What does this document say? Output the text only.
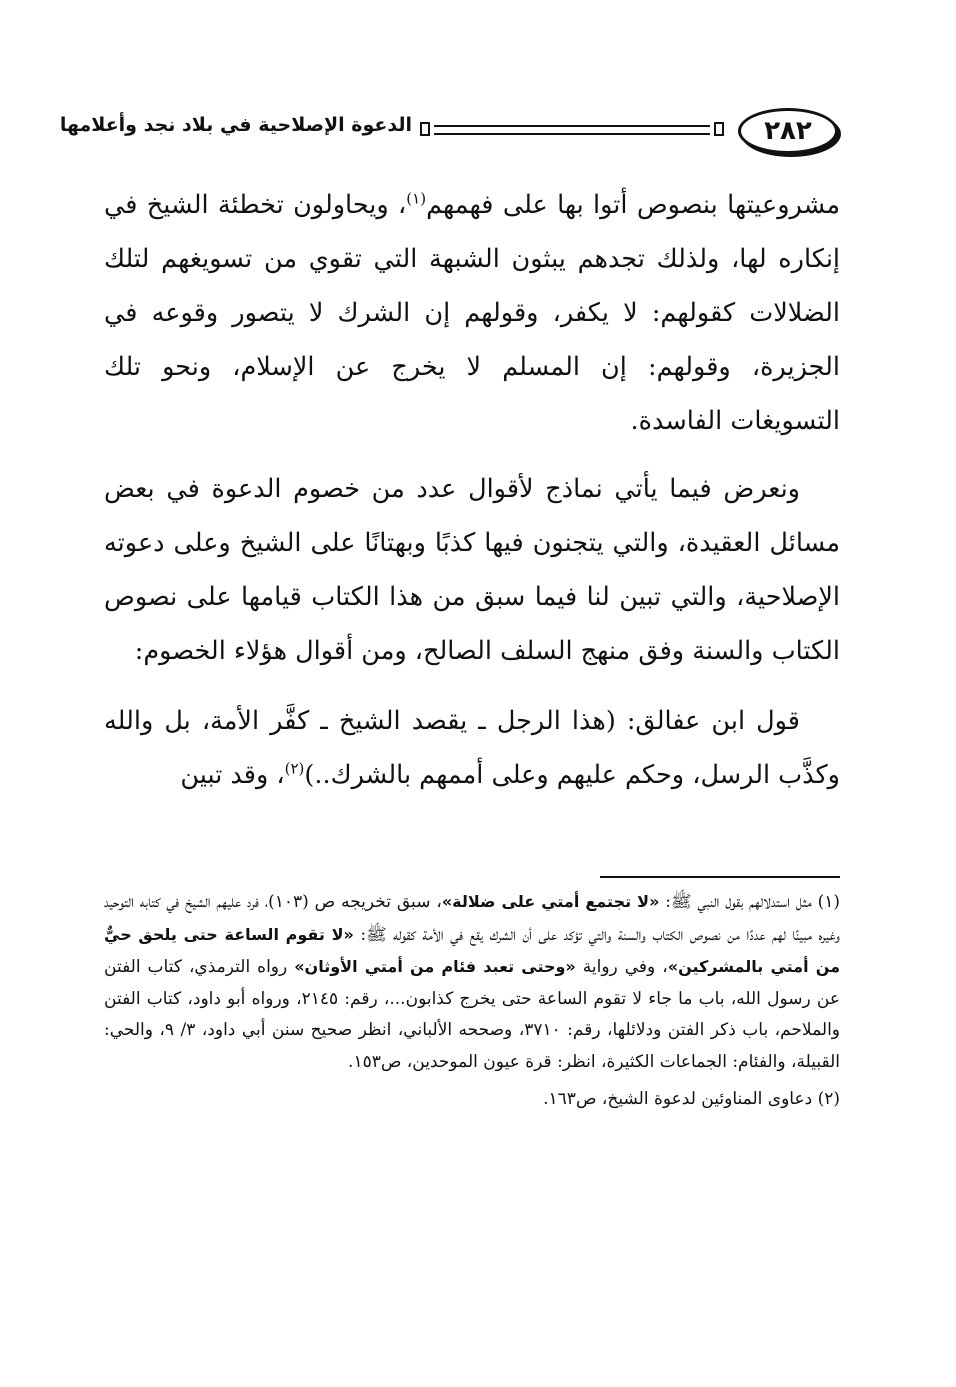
الدعوة الإصلاحية في بلاد نجد وأعلامها	٢٨٢

مشروعيتها بنصوص أتوا بها على فهمهم$^{(١)}$، ويحاولون تخطئة الشيخ في إنكاره لها، ولذلك تجدهم يبثون الشبهة التي تقوي من تسويغهم لتلك الضلالات كقولهم: لا يكفر، وقولهم إن الشرك لا يتصور وقوعه في الجزيرة، وقولهم: إن المسلم لا يخرج عن الإسلام، ونحو تلك التسويغات الفاسدة.

ونعرض فيما يأتي نماذج لأقوال عدد من خصوم الدعوة في بعض مسائل العقيدة، والتي يتجنون فيها كذبًا وبهتانًا على الشيخ وعلى دعوته الإصلاحية، والتي تبين لنا فيما سبق من هذا الكتاب قيامها على نصوص الكتاب والسنة وفق منهج السلف الصالح، ومن أقوال هؤلاء الخصوم:

قول ابن عفالق: (هذا الرجل ـ يقصد الشيخ ـ كفَّر الأمة، بل والله وكذَّب الرسل، وحكم عليهم وعلى أممهم بالشرك..)$^{(٢)}$، وقد تبين

(١) مثل استدلالهم بقول النبي ﷺ: «لا تجتمع أمتي على ضلالة»، سبق تخريجه ص (١٠٣)، فرد عليهم الشيخ في كتابه التوحيد وغيره مبينًا لهم عددًا من نصوص الكتاب والسنة والتي تؤكد على أن الشرك يقع في الأمة كقوله ﷺ: «لا تقوم الساعة حتى يلحق حيٌّ من أمتي بالمشركين»، وفي رواية «وحتى تعبد فئام من أمتي الأوثان» رواه الترمذي، كتاب الفتن عن رسول الله، باب ما جاء لا تقوم الساعة حتى يخرج كذابون...، رقم: ٢١٤٥، ورواه أبو داود، كتاب الفتن والملاحم، باب ذكر الفتن ودلائلها، رقم: ٣٧١٠، وصححه الألباني، انظر صحيح سنن أبي داود، ٣/ ٩، والحي: القبيلة، والفئام: الجماعات الكثيرة، انظر: قرة عيون الموحدين، ص١٥٣.

(٢) دعاوى المناوئين لدعوة الشيخ، ص١٦٣.
